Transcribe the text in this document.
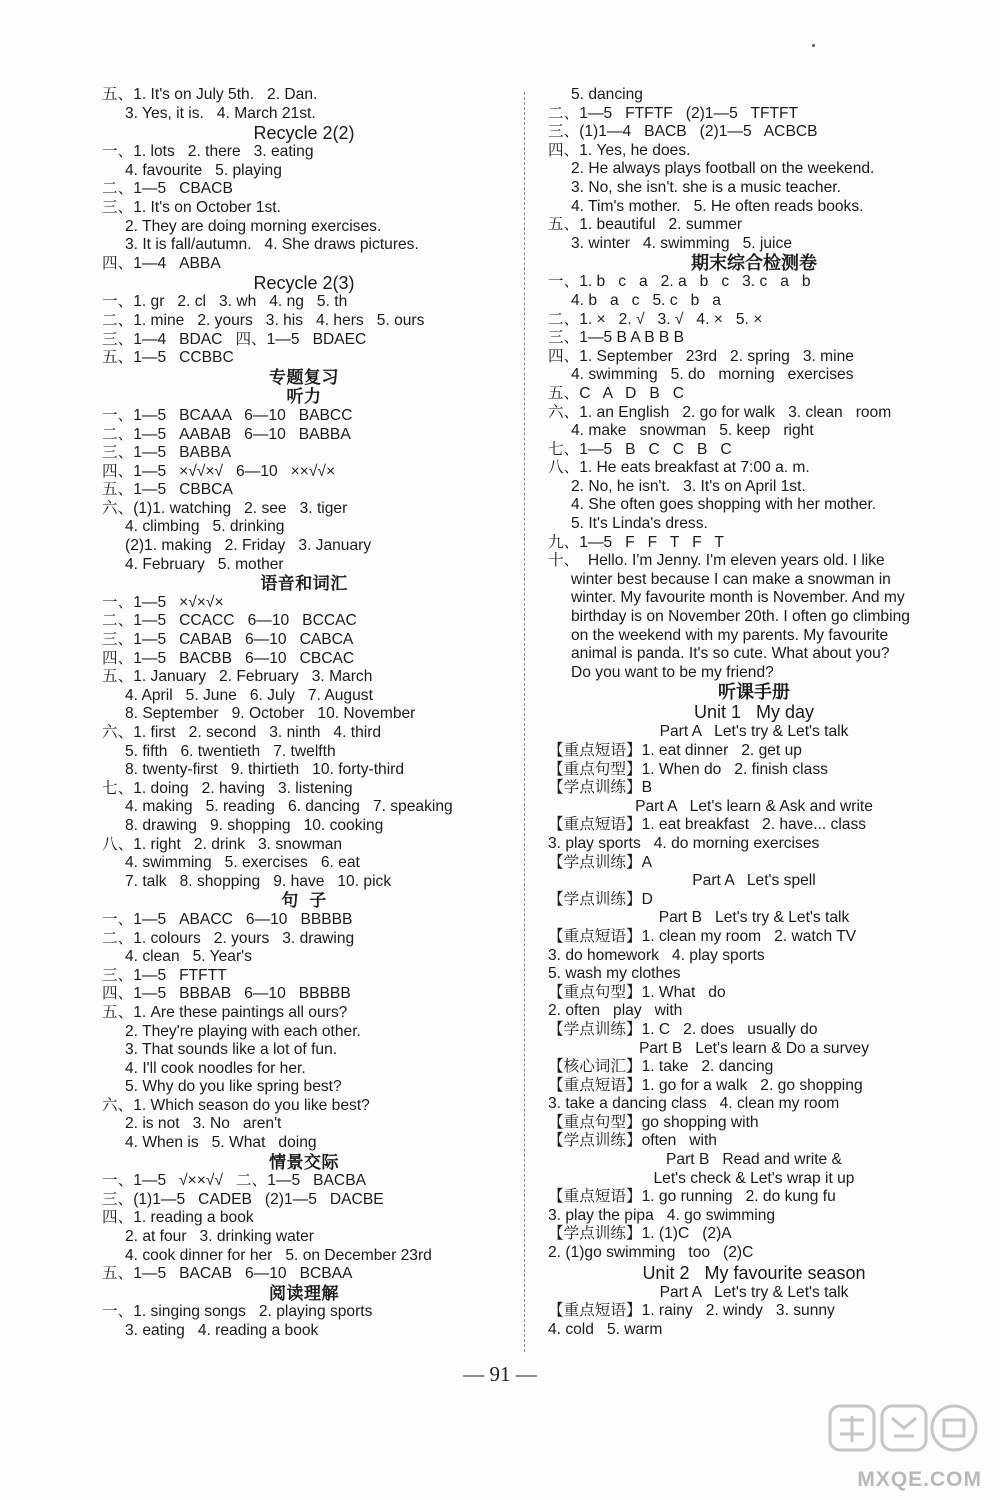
五、1. It's on July 5th.   2. Dan.
3. Yes, it is.   4. March 21st.
Recycle 2(2)
一、1. lots   2. there   3. eating
4. favourite   5. playing
二、1—5   CBACB
三、1. It's on October 1st.
2. They are doing morning exercises.
3. It is fall/autumn.   4. She draws pictures.
四、1—4   ABBA
Recycle 2(3)
一、1. gr   2. cl   3. wh   4. ng   5. th
二、1. mine   2. yours   3. his   4. hers   5. ours
三、1—4   BDAC   四、1—5   BDAEC
五、1—5   CCBBC
专题复习
听力
一、1—5   BCAAA   6—10   BABCC
二、1—5   AABAB   6—10   BABBA
三、1—5   BABBA
四、1—5   ×√√×√   6—10   ××√√×
五、1—5   CBBCA
六、(1)1. watching   2. see   3. tiger
4. climbing   5. drinking
(2)1. making   2. Friday   3. January
4. February   5. mother
语音和词汇
一、1—5   ×√×√×
二、1—5   CCACC   6—10   BCCAC
三、1—5   CABAB   6—10   CABCA
四、1—5   BACBB   6—10   CBCAC
五、1. January   2. February   3. March
4. April   5. June   6. July   7. August
8. September   9. October   10. November
六、1. first   2. second   3. ninth   4. third
5. fifth   6. twentieth   7. twelfth
8. twenty-first   9. thirtieth   10. forty-third
七、1. doing   2. having   3. listening
4. making   5. reading   6. dancing   7. speaking
8. drawing   9. shopping   10. cooking
八、1. right   2. drink   3. snowman
4. swimming   5. exercises   6. eat
7. talk   8. shopping   9. have   10. pick
句  子
一、1—5   ABACC   6—10   BBBBB
二、1. colours   2. yours   3. drawing
4. clean   5. Year's
三、1—5   FTFTT
四、1—5   BBBAB   6—10   BBBBB
五、1. Are these paintings all ours?
2. They're playing with each other.
3. That sounds like a lot of fun.
4. I'll cook noodles for her.
5. Why do you like spring best?
六、1. Which season do you like best?
2. is not   3. No   aren't
4. When is   5. What   doing
情景交际
一、1—5   √××√√   二、1—5   BACBA
三、(1)1—5   CADEB   (2)1—5   DACBE
四、1. reading a book
2. at four   3. drinking water
4. cook dinner for her   5. on December 23rd
五、1—5   BACAB   6—10   BCBAA
阅读理解
一、1. singing songs   2. playing sports
3. eating   4. reading a book
5. dancing
二、1—5   FTFTF   (2)1—5   TFTFT
三、(1)1—4   BACB   (2)1—5   ACBCB
四、1. Yes, he does.
2. He always plays football on the weekend.
3. No, she isn't. she is a music teacher.
4. Tim's mother.   5. He often reads books.
五、1. beautiful   2. summer
3. winter   4. swimming   5. juice
期末综合检测卷
一、1. b   c   a   2. a   b   c   3. c   a   b
4. b   a   c   5. c   b   a
二、1. ×   2. √   3. √   4. ×   5. ×
三、1—5 B A B B B
四、1. September   23rd   2. spring   3. mine
4. swimming   5. do   morning   exercises
五、C   A   D   B   C
六、1. an English   2. go for walk   3. clean   room
4. make   snowman   5. keep   right
七、1—5   B   C   C   B   C
八、1. He eats breakfast at 7:00 a. m.
2. No, he isn't.   3. It's on April 1st.
4. She often goes shopping with her mother.
5. It's Linda's dress.
九、1—5   F   F   T   F   T
十、  Hello. I'm Jenny. I'm eleven years old. I like
winter best because I can make a snowman in
winter. My favourite month is November. And my
birthday is on November 20th. I often go climbing
on the weekend with my parents. My favourite
animal is panda. It's so cute. What about you?
Do you want to be my friend?
听课手册
Unit 1   My day
Part A   Let's try & Let's talk
【重点短语】1. eat dinner   2. get up
【重点句型】1. When do   2. finish class
【学点训练】B
Part A   Let's learn & Ask and write
【重点短语】1. eat breakfast   2. have... class
3. play sports   4. do morning exercises
【学点训练】A
Part A   Let's spell
【学点训练】D
Part B   Let's try & Let's talk
【重点短语】1. clean my room   2. watch TV
3. do homework   4. play sports
5. wash my clothes
【重点句型】1. What   do
2. often   play   with
【学点训练】1. C   2. does   usually do
Part B   Let's learn & Do a survey
【核心词汇】1. take   2. dancing
【重点短语】1. go for a walk   2. go shopping
3. take a dancing class   4. clean my room
【重点句型】go shopping with
【学点训练】often   with
Part B   Read and write &
Let's check & Let's wrap it up
【重点短语】1. go running   2. do kung fu
3. play the pipa   4. go swimming
【学点训练】1. (1)C   (2)A
2. (1)go swimming   too   (2)C
Unit 2   My favourite season
Part A   Let's try & Let's talk
【重点短语】1. rainy   2. windy   3. sunny
4. cold   5. warm
— 91 —
MXQE.COM
